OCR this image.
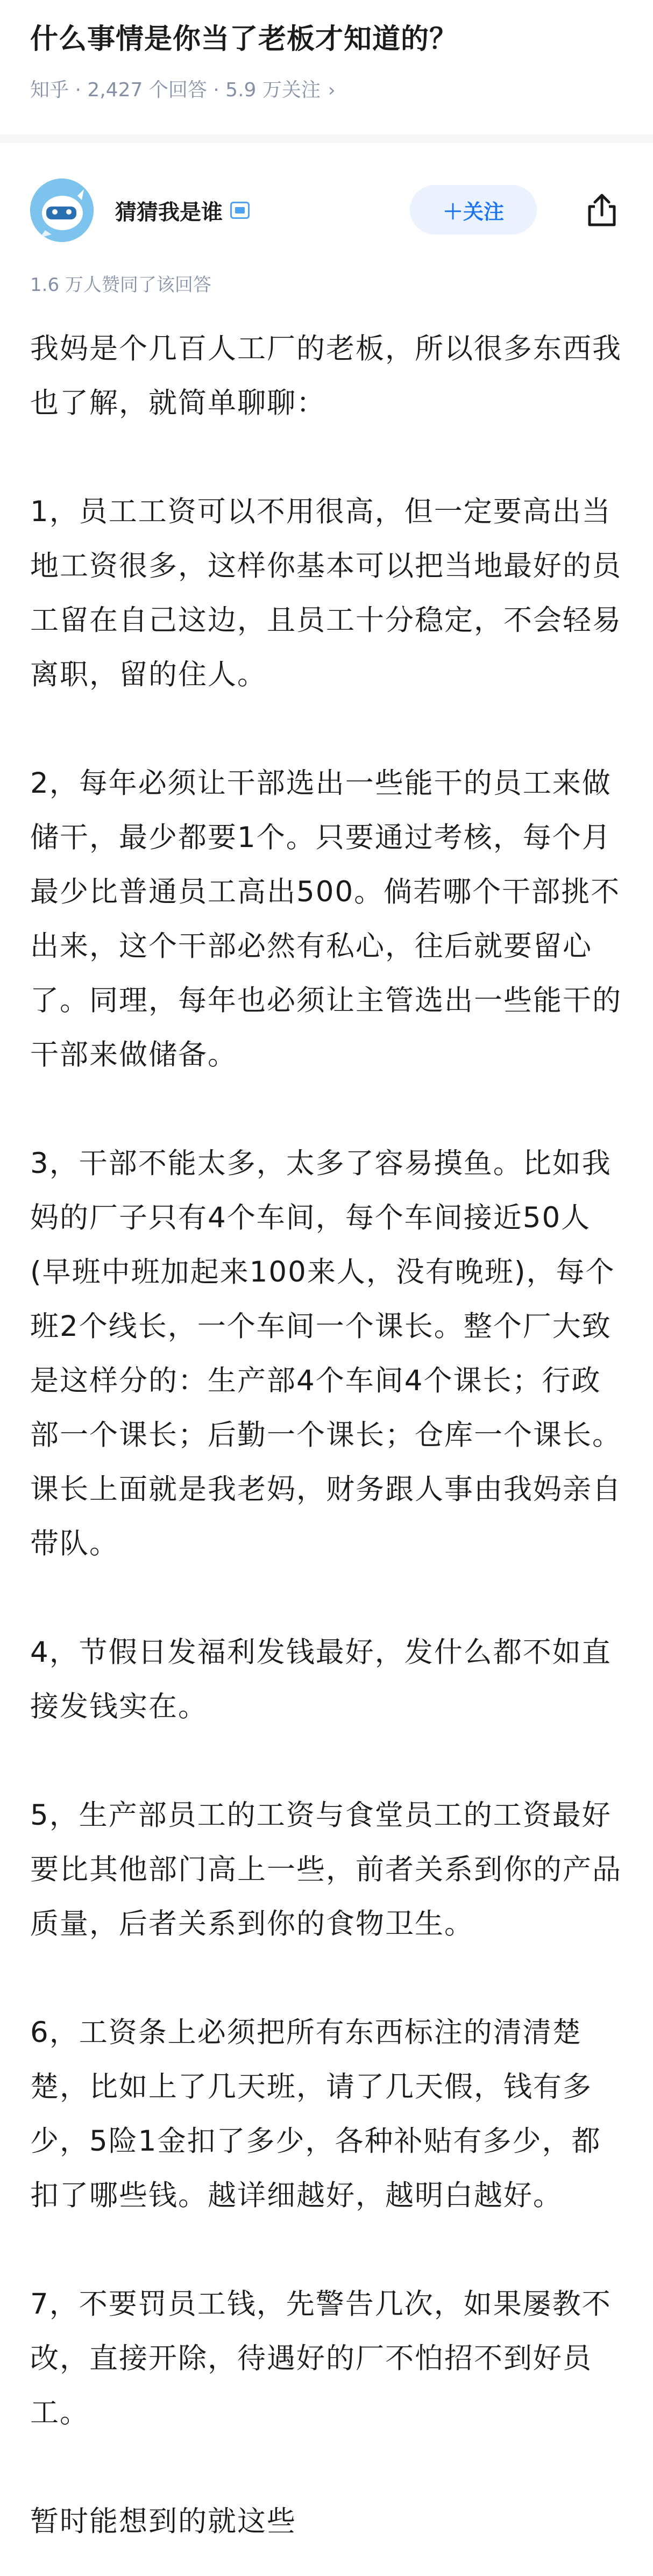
什么事情是你当了老板才知道的？
知乎 · 2,427 个回答 · 5.9 万关注 ›
猜猜我是谁	＋关注
1.6 万人赞同了该回答

我妈是个几百人工厂的老板，所以很多东西我也了解，就简单聊聊：

1，员工工资可以不用很高，但一定要高出当地工资很多，这样你基本可以把当地最好的员工留在自己这边，且员工十分稳定，不会轻易离职，留的住人。

2，每年必须让干部选出一些能干的员工来做储干，最少都要1个。只要通过考核，每个月最少比普通员工高出500。倘若哪个干部挑不出来，这个干部必然有私心，往后就要留心了。同理，每年也必须让主管选出一些能干的干部来做储备。

3，干部不能太多，太多了容易摸鱼。比如我妈的厂子只有4个车间，每个车间接近50人(早班中班加起来100来人，没有晚班)，每个班2个线长，一个车间一个课长。整个厂大致是这样分的：生产部4个车间4个课长；行政部一个课长；后勤一个课长；仓库一个课长。课长上面就是我老妈，财务跟人事由我妈亲自带队。

4，节假日发福利发钱最好，发什么都不如直接发钱实在。

5，生产部员工的工资与食堂员工的工资最好要比其他部门高上一些，前者关系到你的产品质量，后者关系到你的食物卫生。

6，工资条上必须把所有东西标注的清清楚楚，比如上了几天班，请了几天假，钱有多少，5险1金扣了多少，各种补贴有多少，都扣了哪些钱。越详细越好，越明白越好。

7，不要罚员工钱，先警告几次，如果屡教不改，直接开除，待遇好的厂不怕招不到好员工。

暂时能想到的就这些
